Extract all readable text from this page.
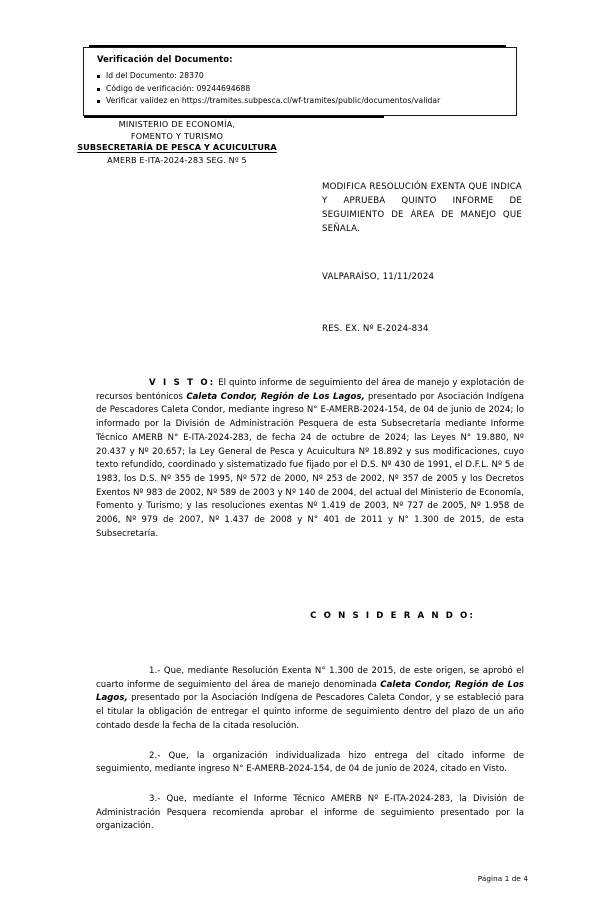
Verificación del Documento:
Id del Documento: 28370
Código de verificación: 09244694688
Verificar validez en https://tramites.subpesca.cl/wf-tramites/public/documentos/validar
MINISTERIO DE ECONOMÍA,
FOMENTO Y TURISMO
SUBSECRETARÍA DE PESCA Y ACUICULTURA
AMERB E-ITA-2024-283 SEG. Nº 5
MODIFICA RESOLUCIÓN EXENTA QUE INDICA Y APRUEBA QUINTO INFORME DE SEGUIMIENTO DE ÁREA DE MANEJO QUE SEÑALA.
VALPARAÍSO, 11/11/2024
RES. EX. Nº E-2024-834

V I S T O: El quinto informe de seguimiento del área de manejo y explotación de recursos bentónicos Caleta Condor, Región de Los Lagos, presentado por Asociación Indígena de Pescadores Caleta Condor, mediante ingreso N° E-AMERB-2024-154, de 04 de junio de 2024; lo informado por la División de Administración Pesquera de esta Subsecretaría mediante Informe Técnico AMERB N° E-ITA-2024-283, de fecha 24 de octubre de 2024; las Leyes N° 19.880, Nº 20.437 y Nº 20.657; la Ley General de Pesca y Acuicultura Nº 18.892 y sus modificaciones, cuyo texto refundido, coordinado y sistematizado fue fijado por el D.S. Nº 430 de 1991, el D.F.L. Nº 5 de 1983, los D.S. Nº 355 de 1995, Nº 572 de 2000, Nº 253 de 2002, Nº 357 de 2005 y los Decretos Exentos Nº 983 de 2002, Nº 589 de 2003 y Nº 140 de 2004, del actual del Ministerio de Economía, Fomento y Turismo; y las resoluciones exentas Nº 1.419 de 2003, Nº 727 de 2005, Nº 1.958 de 2006, Nº 979 de 2007, Nº 1.437 de 2008 y N° 401 de 2011 y N° 1.300 de 2015, de esta Subsecretaría.

C O N S I D E R A N D O:

1.- Que, mediante Resolución Exenta N° 1.300 de 2015, de este origen, se aprobó el cuarto informe de seguimiento del área de manejo denominada Caleta Condor, Región de Los Lagos, presentado por la Asociación Indígena de Pescadores Caleta Condor, y se estableció para el titular la obligación de entregar el quinto informe de seguimiento dentro del plazo de un año contado desde la fecha de la citada resolución.

2.- Que, la organización individualizada hizo entrega del citado informe de seguimiento, mediante ingreso N° E-AMERB-2024-154, de 04 de junio de 2024, citado en Visto.

3.- Que, mediante el Informe Técnico AMERB Nº E-ITA-2024-283, la División de Administración Pesquera recomienda aprobar el informe de seguimiento presentado por la organización.

Página 1 de 4
